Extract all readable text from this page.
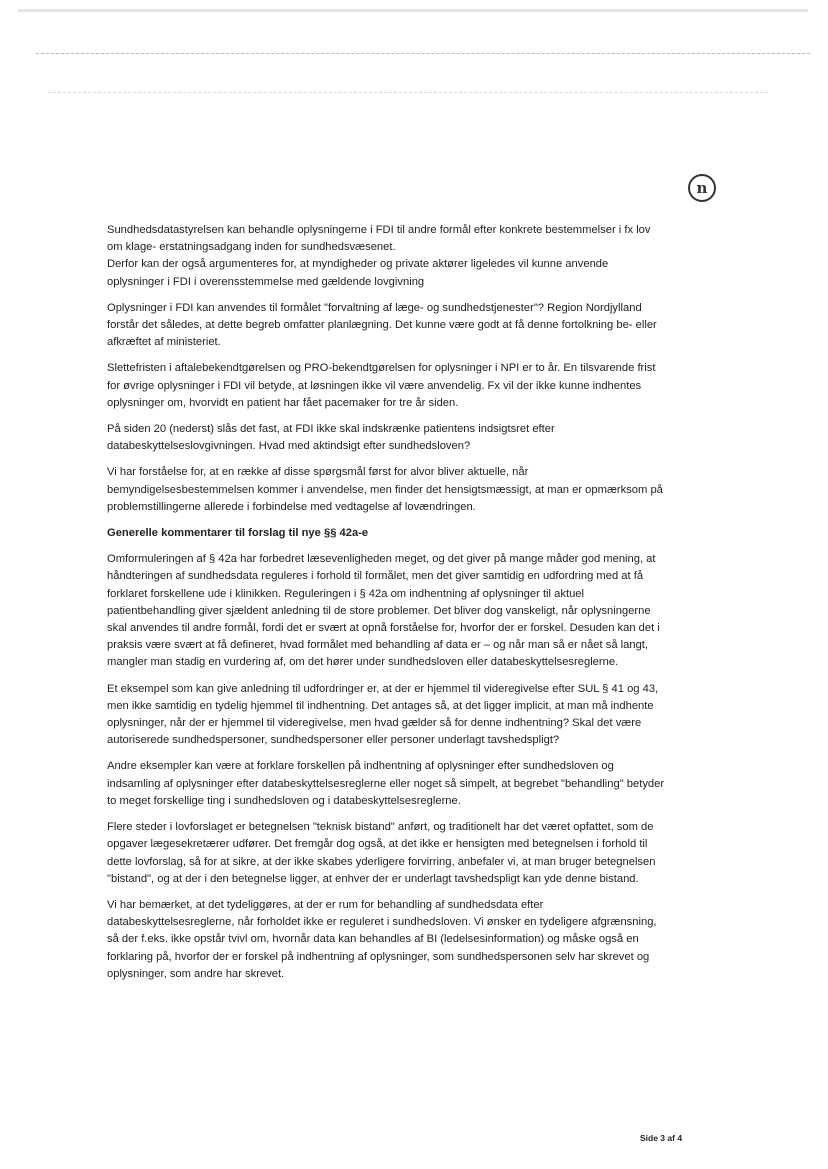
n

Sundhedsdatastyrelsen kan behandle oplysningerne i FDI til andre formål efter konkrete bestemmelser i fx lov om klage- erstatningsadgang inden for sundhedsvæsenet.

Derfor kan der også argumenteres for, at myndigheder og private aktører ligeledes vil kunne anvende oplysninger i FDI i overensstemmelse med gældende lovgivning

Oplysninger i FDI kan anvendes til formålet "forvaltning af læge- og sundhedstjenester"? Region Nordjylland forstår det således, at dette begreb omfatter planlægning. Det kunne være godt at få denne fortolkning be- eller afkræftet af ministeriet.

Slettefristen i aftalebekendtgørelsen og PRO-bekendtgørelsen for oplysninger i NPI er to år. En tilsvarende frist for øvrige oplysninger i FDI vil betyde, at løsningen ikke vil være anvendelig. Fx vil der ikke kunne indhentes oplysninger om, hvorvidt en patient har fået pacemaker for tre år siden.

På siden 20 (nederst) slås det fast, at FDI ikke skal indskrænke patientens indsigtsret efter databeskyttelseslovgivningen. Hvad med aktindsigt efter sundhedsloven?

Vi har forståelse for, at en række af disse spørgsmål først for alvor bliver aktuelle, når bemyndigelsesbestemmelsen kommer i anvendelse, men finder det hensigtsmæssigt, at man er opmærksom på problemstillingerne allerede i forbindelse med vedtagelse af lovændringen.

Generelle kommentarer til forslag til nye §§ 42a-e

Omformuleringen af § 42a har forbedret læsevenligheden meget, og det giver på mange måder god mening, at håndteringen af sundhedsdata reguleres i forhold til formålet, men det giver samtidig en udfordring med at få forklaret forskellene ude i klinikken. Reguleringen i § 42a om indhentning af oplysninger til aktuel patientbehandling giver sjældent anledning til de store problemer. Det bliver dog vanskeligt, når oplysningerne skal anvendes til andre formål, fordi det er svært at opnå forståelse for, hvorfor der er forskel. Desuden kan det i praksis være svært at få defineret, hvad formålet med behandling af data er – og når man så er nået så langt, mangler man stadig en vurdering af, om det hører under sundhedsloven eller databeskyttelsesreglerne.

Et eksempel som kan give anledning til udfordringer er, at der er hjemmel til videregivelse efter SUL § 41 og 43, men ikke samtidig en tydelig hjemmel til indhentning. Det antages så, at det ligger implicit, at man må indhente oplysninger, når der er hjemmel til videregivelse, men hvad gælder så for denne indhentning? Skal det være autoriserede sundhedspersoner, sundhedspersoner eller personer underlagt tavshedspligt?

Andre eksempler kan være at forklare forskellen på indhentning af oplysninger efter sundhedsloven og indsamling af oplysninger efter databeskyttelsesreglerne eller noget så simpelt, at begrebet "behandling" betyder to meget forskellige ting i sundhedsloven og i databeskyttelsesreglerne.

Flere steder i lovforslaget er betegnelsen "teknisk bistand" anført, og traditionelt har det været opfattet, som de opgaver lægesekretærer udfører. Det fremgår dog også, at det ikke er hensigten med betegnelsen i forhold til dette lovforslag, så for at sikre, at der ikke skabes yderligere forvirring, anbefaler vi, at man bruger betegnelsen "bistand", og at der i den betegnelse ligger, at enhver der er underlagt tavshedspligt kan yde denne bistand.

Vi har bemærket, at det tydeliggøres, at der er rum for behandling af sundhedsdata efter databeskyttelsesreglerne, når forholdet ikke er reguleret i sundhedsloven. Vi ønsker en tydeligere afgrænsning, så der f.eks. ikke opstår tvivl om, hvornår data kan behandles af BI (ledelsesinformation) og måske også en forklaring på, hvorfor der er forskel på indhentning af oplysninger, som sundhedspersonen selv har skrevet og oplysninger, som andre har skrevet.

Side 3 af 4
